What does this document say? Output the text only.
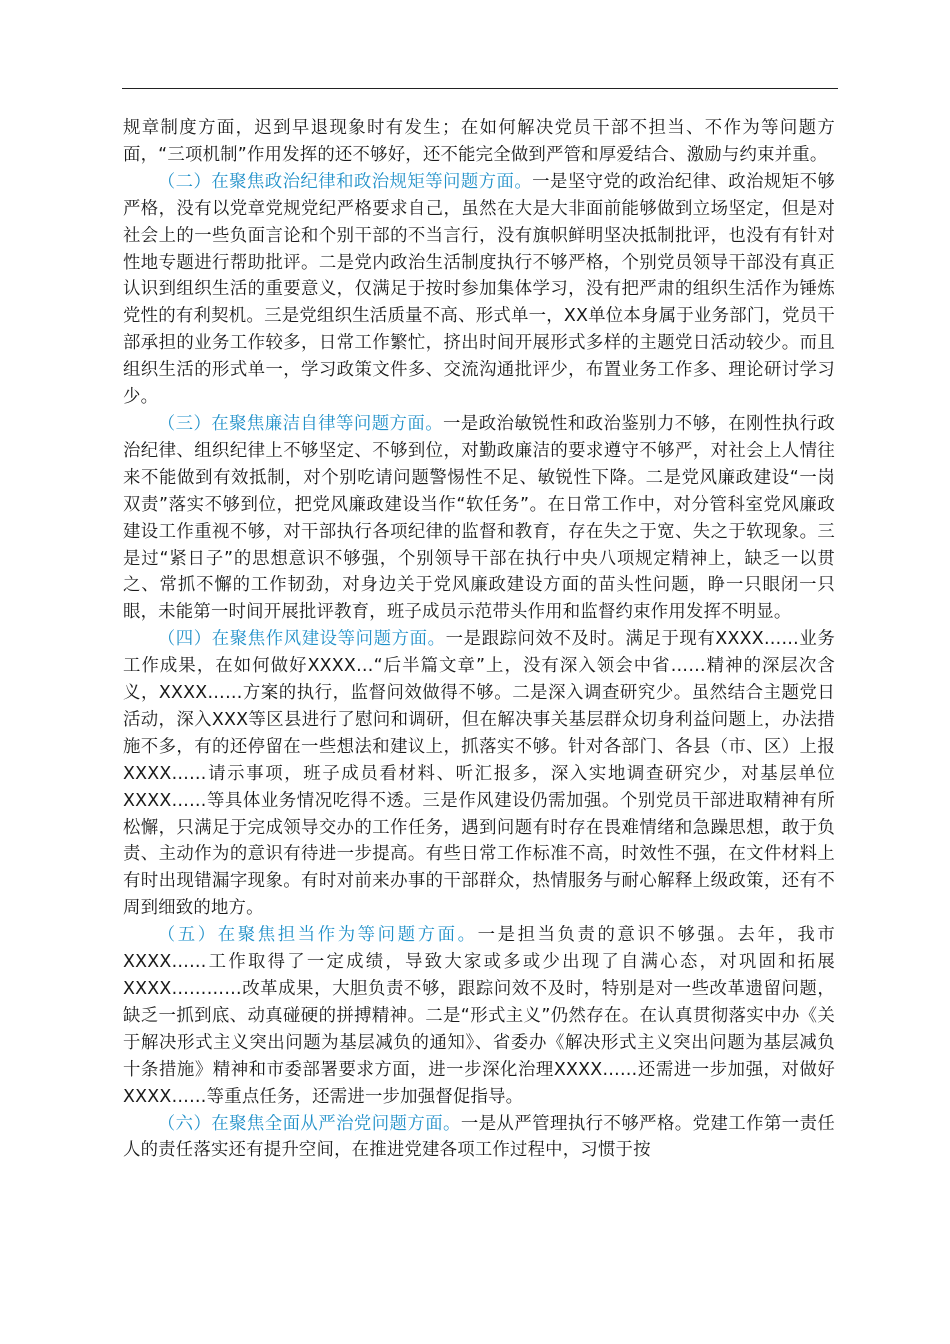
规章制度方面，迟到早退现象时有发生；在如何解决党员干部不担当、不作为等问题方面，“三项机制”作用发挥的还不够好，还不能完全做到严管和厚爱结合、激励与约束并重。

（二）在聚焦政治纪律和政治规矩等问题方面。一是坚守党的政治纪律、政治规矩不够严格，没有以党章党规党纪严格要求自己，虽然在大是大非面前能够做到立场坚定，但是对社会上的一些负面言论和个别干部的不当言行，没有旗帜鲜明坚决抵制批评，也没有有针对性地专题进行帮助批评。二是党内政治生活制度执行不够严格，个别党员领导干部没有真正认识到组织生活的重要意义，仅满足于按时参加集体学习，没有把严肃的组织生活作为锤炼党性的有利契机。三是党组织生活质量不高、形式单一，XX单位本身属于业务部门，党员干部承担的业务工作较多，日常工作繁忙，挤出时间开展形式多样的主题党日活动较少。而且组织生活的形式单一，学习政策文件多、交流沟通批评少，布置业务工作多、理论研讨学习少。

（三）在聚焦廉洁自律等问题方面。一是政治敏锐性和政治鉴别力不够，在刚性执行政治纪律、组织纪律上不够坚定、不够到位，对勤政廉洁的要求遵守不够严，对社会上人情往来不能做到有效抵制，对个别吃请问题警惕性不足、敏锐性下降。二是党风廉政建设“一岗双责”落实不够到位，把党风廉政建设当作“软任务”。在日常工作中，对分管科室党风廉政建设工作重视不够，对干部执行各项纪律的监督和教育，存在失之于宽、失之于软现象。三是过“紧日子”的思想意识不够强，个别领导干部在执行中央八项规定精神上，缺乏一以贯之、常抓不懈的工作韧劲，对身边关于党风廉政建设方面的苗头性问题，睁一只眼闭一只眼，未能第一时间开展批评教育，班子成员示范带头作用和监督约束作用发挥不明显。

（四）在聚焦作风建设等问题方面。一是跟踪问效不及时。满足于现有XXXX……业务工作成果，在如何做好XXXX…“后半篇文章”上，没有深入领会中省……精神的深层次含义，XXXX……方案的执行，监督问效做得不够。二是深入调查研究少。虽然结合主题党日活动，深入XXX等区县进行了慰问和调研，但在解决事关基层群众切身利益问题上，办法措施不多，有的还停留在一些想法和建议上，抓落实不够。针对各部门、各县（市、区）上报XXXX……请示事项，班子成员看材料、听汇报多，深入实地调查研究少，对基层单位XXXX……等具体业务情况吃得不透。三是作风建设仍需加强。个别党员干部进取精神有所松懈，只满足于完成领导交办的工作任务，遇到问题有时存在畏难情绪和急躁思想，敢于负责、主动作为的意识有待进一步提高。有些日常工作标准不高，时效性不强，在文件材料上有时出现错漏字现象。有时对前来办事的干部群众，热情服务与耐心解释上级政策，还有不周到细致的地方。

（五）在聚焦担当作为等问题方面。一是担当负责的意识不够强。去年，我市XXXX……工作取得了一定成绩，导致大家或多或少出现了自满心态，对巩固和拓展XXXX…………改革成果，大胆负责不够，跟踪问效不及时，特别是对一些改革遗留问题，缺乏一抓到底、动真碰硬的拼搏精神。二是“形式主义”仍然存在。在认真贯彻落实中办《关于解决形式主义突出问题为基层减负的通知》、省委办《解决形式主义突出问题为基层减负十条措施》精神和市委部署要求方面，进一步深化治理XXXX……还需进一步加强，对做好XXXX……等重点任务，还需进一步加强督促指导。

（六）在聚焦全面从严治党问题方面。一是从严管理执行不够严格。党建工作第一责任人的责任落实还有提升空间，在推进党建各项工作过程中，习惯于按
